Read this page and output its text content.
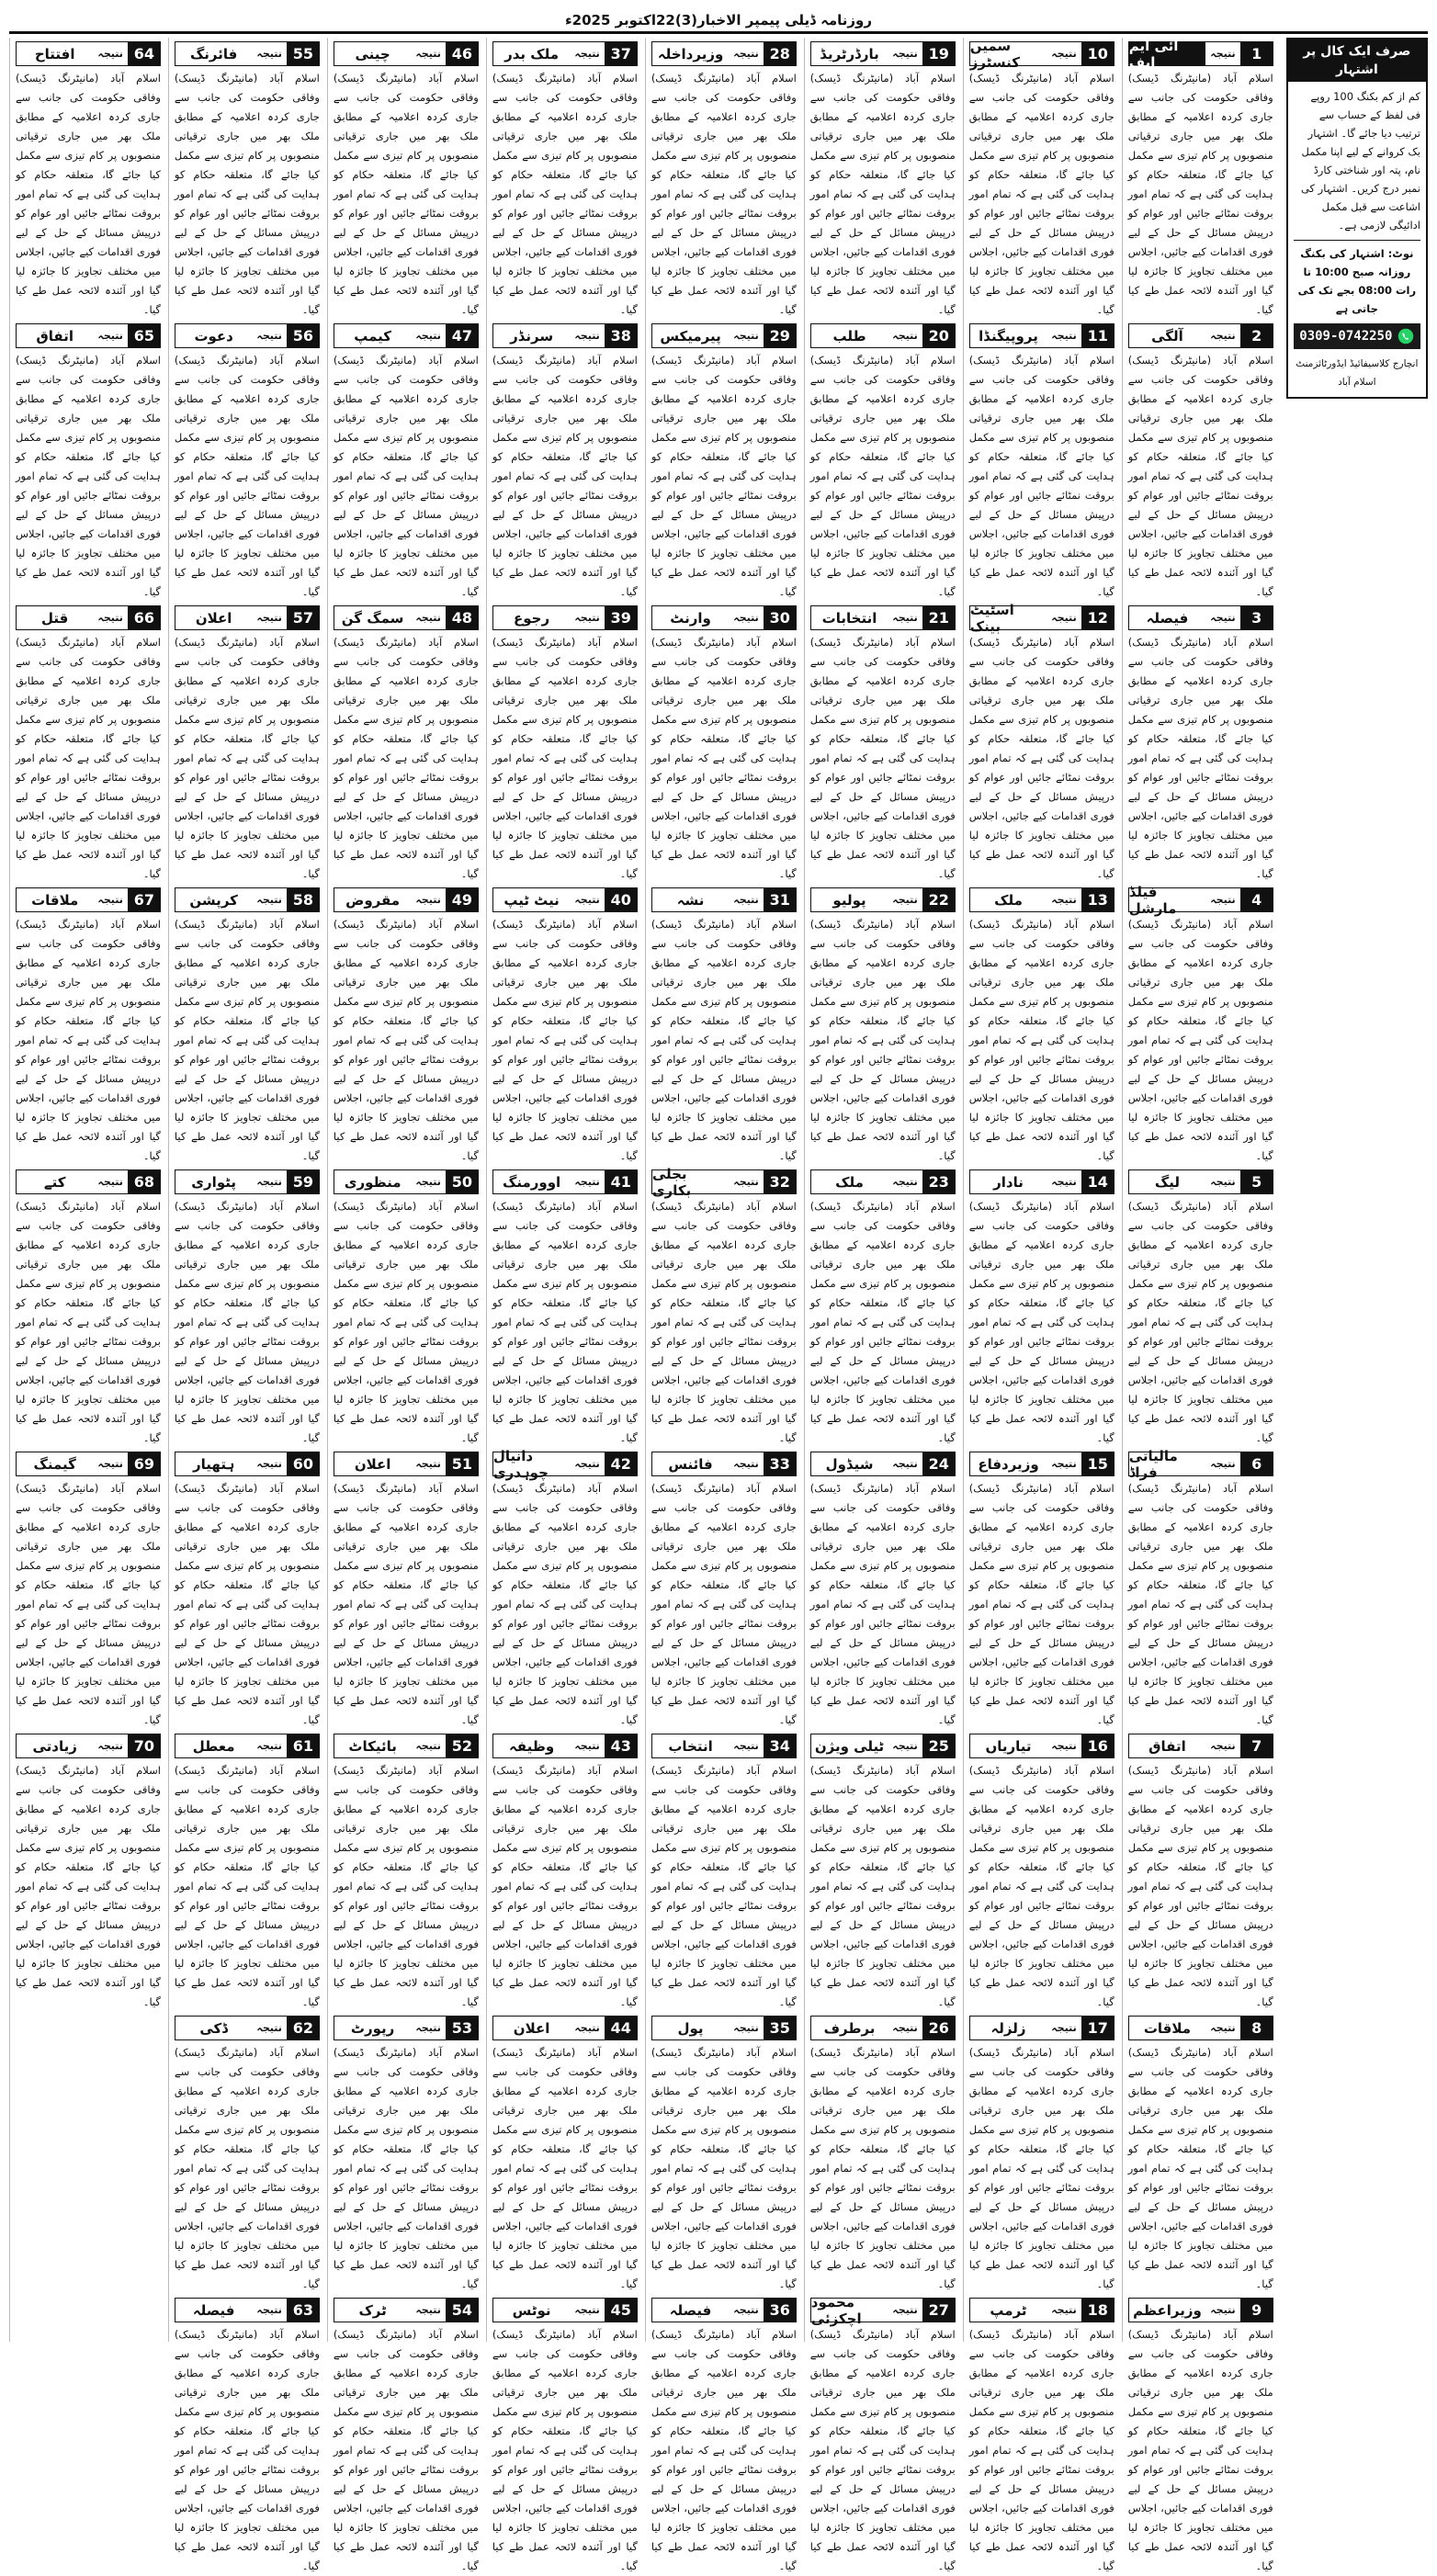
روزنامہ ڈیلی پیمپر الاخبار(3)22اکتوبر 2025ء
صرف ایک کال پر اشتہار
کم از کم بکنگ 100 روپے فی لفظ کے حساب سے ترتیب دیا جائے گا۔ اشتہار بک کروانے کے لیے اپنا مکمل نام، پتہ اور شناختی کارڈ نمبر درج کریں۔ اشتہار کی اشاعت سے قبل مکمل ادائیگی لازمی ہے۔
نوٹ: اشتہار کی بکنگ روزانہ صبح 10:00 تا رات 08:00 بجے تک کی جاتی ہے
0309-0742250
انچارج کلاسیفائیڈ ایڈورٹائزمنٹ اسلام آباد
آئی ایم ایف	نتیجہ	1

اسلام آباد (مانیٹرنگ ڈیسک) وفاقی حکومت کی جانب سے جاری کردہ اعلامیہ کے مطابق ملک بھر میں جاری ترقیاتی منصوبوں پر کام تیزی سے مکمل کیا جائے گا، متعلقہ حکام کو ہدایت کی گئی ہے کہ تمام امور بروقت نمٹائے جائیں اور عوام کو درپیش مسائل کے حل کے لیے فوری اقدامات کیے جائیں، اجلاس میں مختلف تجاویز کا جائزہ لیا گیا اور آئندہ لائحہ عمل طے کیا گیا۔

آلگی	نتیجہ	2

اسلام آباد (مانیٹرنگ ڈیسک) وفاقی حکومت کی جانب سے جاری کردہ اعلامیہ کے مطابق ملک بھر میں جاری ترقیاتی منصوبوں پر کام تیزی سے مکمل کیا جائے گا، متعلقہ حکام کو ہدایت کی گئی ہے کہ تمام امور بروقت نمٹائے جائیں اور عوام کو درپیش مسائل کے حل کے لیے فوری اقدامات کیے جائیں، اجلاس میں مختلف تجاویز کا جائزہ لیا گیا اور آئندہ لائحہ عمل طے کیا گیا۔

فیصلہ	نتیجہ	3

اسلام آباد (مانیٹرنگ ڈیسک) وفاقی حکومت کی جانب سے جاری کردہ اعلامیہ کے مطابق ملک بھر میں جاری ترقیاتی منصوبوں پر کام تیزی سے مکمل کیا جائے گا، متعلقہ حکام کو ہدایت کی گئی ہے کہ تمام امور بروقت نمٹائے جائیں اور عوام کو درپیش مسائل کے حل کے لیے فوری اقدامات کیے جائیں، اجلاس میں مختلف تجاویز کا جائزہ لیا گیا اور آئندہ لائحہ عمل طے کیا گیا۔

فیلڈ مارشل	نتیجہ	4

اسلام آباد (مانیٹرنگ ڈیسک) وفاقی حکومت کی جانب سے جاری کردہ اعلامیہ کے مطابق ملک بھر میں جاری ترقیاتی منصوبوں پر کام تیزی سے مکمل کیا جائے گا، متعلقہ حکام کو ہدایت کی گئی ہے کہ تمام امور بروقت نمٹائے جائیں اور عوام کو درپیش مسائل کے حل کے لیے فوری اقدامات کیے جائیں، اجلاس میں مختلف تجاویز کا جائزہ لیا گیا اور آئندہ لائحہ عمل طے کیا گیا۔

لیگ	نتیجہ	5

اسلام آباد (مانیٹرنگ ڈیسک) وفاقی حکومت کی جانب سے جاری کردہ اعلامیہ کے مطابق ملک بھر میں جاری ترقیاتی منصوبوں پر کام تیزی سے مکمل کیا جائے گا، متعلقہ حکام کو ہدایت کی گئی ہے کہ تمام امور بروقت نمٹائے جائیں اور عوام کو درپیش مسائل کے حل کے لیے فوری اقدامات کیے جائیں، اجلاس میں مختلف تجاویز کا جائزہ لیا گیا اور آئندہ لائحہ عمل طے کیا گیا۔

مالیاتی فراڈ	نتیجہ	6

اسلام آباد (مانیٹرنگ ڈیسک) وفاقی حکومت کی جانب سے جاری کردہ اعلامیہ کے مطابق ملک بھر میں جاری ترقیاتی منصوبوں پر کام تیزی سے مکمل کیا جائے گا، متعلقہ حکام کو ہدایت کی گئی ہے کہ تمام امور بروقت نمٹائے جائیں اور عوام کو درپیش مسائل کے حل کے لیے فوری اقدامات کیے جائیں، اجلاس میں مختلف تجاویز کا جائزہ لیا گیا اور آئندہ لائحہ عمل طے کیا گیا۔

اتفاق	نتیجہ	7

اسلام آباد (مانیٹرنگ ڈیسک) وفاقی حکومت کی جانب سے جاری کردہ اعلامیہ کے مطابق ملک بھر میں جاری ترقیاتی منصوبوں پر کام تیزی سے مکمل کیا جائے گا، متعلقہ حکام کو ہدایت کی گئی ہے کہ تمام امور بروقت نمٹائے جائیں اور عوام کو درپیش مسائل کے حل کے لیے فوری اقدامات کیے جائیں، اجلاس میں مختلف تجاویز کا جائزہ لیا گیا اور آئندہ لائحہ عمل طے کیا گیا۔

ملاقات	نتیجہ	8

اسلام آباد (مانیٹرنگ ڈیسک) وفاقی حکومت کی جانب سے جاری کردہ اعلامیہ کے مطابق ملک بھر میں جاری ترقیاتی منصوبوں پر کام تیزی سے مکمل کیا جائے گا، متعلقہ حکام کو ہدایت کی گئی ہے کہ تمام امور بروقت نمٹائے جائیں اور عوام کو درپیش مسائل کے حل کے لیے فوری اقدامات کیے جائیں، اجلاس میں مختلف تجاویز کا جائزہ لیا گیا اور آئندہ لائحہ عمل طے کیا گیا۔

وزیراعظم نتیجہ	9

اسلام آباد (مانیٹرنگ ڈیسک) وفاقی حکومت کی جانب سے جاری کردہ اعلامیہ کے مطابق ملک بھر میں جاری ترقیاتی منصوبوں پر کام تیزی سے مکمل کیا جائے گا، متعلقہ حکام کو ہدایت کی گئی ہے کہ تمام امور بروقت نمٹائے جائیں اور عوام کو درپیش مسائل کے حل کے لیے فوری اقدامات کیے جائیں، اجلاس میں مختلف تجاویز کا جائزہ لیا گیا اور آئندہ لائحہ عمل طے کیا گیا۔

سمیں کنسٹرز	نتیجہ 10

اسلام آباد (مانیٹرنگ ڈیسک) وفاقی حکومت کی جانب سے جاری کردہ اعلامیہ کے مطابق ملک بھر میں جاری ترقیاتی منصوبوں پر کام تیزی سے مکمل کیا جائے گا، متعلقہ حکام کو ہدایت کی گئی ہے کہ تمام امور بروقت نمٹائے جائیں اور عوام کو درپیش مسائل کے حل کے لیے فوری اقدامات کیے جائیں، اجلاس میں مختلف تجاویز کا جائزہ لیا گیا اور آئندہ لائحہ عمل طے کیا گیا۔

پروپیگنڈا	نتیجہ 11

اسلام آباد (مانیٹرنگ ڈیسک) وفاقی حکومت کی جانب سے جاری کردہ اعلامیہ کے مطابق ملک بھر میں جاری ترقیاتی منصوبوں پر کام تیزی سے مکمل کیا جائے گا، متعلقہ حکام کو ہدایت کی گئی ہے کہ تمام امور بروقت نمٹائے جائیں اور عوام کو درپیش مسائل کے حل کے لیے فوری اقدامات کیے جائیں، اجلاس میں مختلف تجاویز کا جائزہ لیا گیا اور آئندہ لائحہ عمل طے کیا گیا۔

اسٹیٹ بینک	نتیجہ 12

اسلام آباد (مانیٹرنگ ڈیسک) وفاقی حکومت کی جانب سے جاری کردہ اعلامیہ کے مطابق ملک بھر میں جاری ترقیاتی منصوبوں پر کام تیزی سے مکمل کیا جائے گا، متعلقہ حکام کو ہدایت کی گئی ہے کہ تمام امور بروقت نمٹائے جائیں اور عوام کو درپیش مسائل کے حل کے لیے فوری اقدامات کیے جائیں، اجلاس میں مختلف تجاویز کا جائزہ لیا گیا اور آئندہ لائحہ عمل طے کیا گیا۔

ملک	نتیجہ 13

اسلام آباد (مانیٹرنگ ڈیسک) وفاقی حکومت کی جانب سے جاری کردہ اعلامیہ کے مطابق ملک بھر میں جاری ترقیاتی منصوبوں پر کام تیزی سے مکمل کیا جائے گا، متعلقہ حکام کو ہدایت کی گئی ہے کہ تمام امور بروقت نمٹائے جائیں اور عوام کو درپیش مسائل کے حل کے لیے فوری اقدامات کیے جائیں، اجلاس میں مختلف تجاویز کا جائزہ لیا گیا اور آئندہ لائحہ عمل طے کیا گیا۔

نادار	نتیجہ 14

اسلام آباد (مانیٹرنگ ڈیسک) وفاقی حکومت کی جانب سے جاری کردہ اعلامیہ کے مطابق ملک بھر میں جاری ترقیاتی منصوبوں پر کام تیزی سے مکمل کیا جائے گا، متعلقہ حکام کو ہدایت کی گئی ہے کہ تمام امور بروقت نمٹائے جائیں اور عوام کو درپیش مسائل کے حل کے لیے فوری اقدامات کیے جائیں، اجلاس میں مختلف تجاویز کا جائزہ لیا گیا اور آئندہ لائحہ عمل طے کیا گیا۔

وزیردفاع	نتیجہ 15

اسلام آباد (مانیٹرنگ ڈیسک) وفاقی حکومت کی جانب سے جاری کردہ اعلامیہ کے مطابق ملک بھر میں جاری ترقیاتی منصوبوں پر کام تیزی سے مکمل کیا جائے گا، متعلقہ حکام کو ہدایت کی گئی ہے کہ تمام امور بروقت نمٹائے جائیں اور عوام کو درپیش مسائل کے حل کے لیے فوری اقدامات کیے جائیں، اجلاس میں مختلف تجاویز کا جائزہ لیا گیا اور آئندہ لائحہ عمل طے کیا گیا۔

تیاریاں	نتیجہ 16

اسلام آباد (مانیٹرنگ ڈیسک) وفاقی حکومت کی جانب سے جاری کردہ اعلامیہ کے مطابق ملک بھر میں جاری ترقیاتی منصوبوں پر کام تیزی سے مکمل کیا جائے گا، متعلقہ حکام کو ہدایت کی گئی ہے کہ تمام امور بروقت نمٹائے جائیں اور عوام کو درپیش مسائل کے حل کے لیے فوری اقدامات کیے جائیں، اجلاس میں مختلف تجاویز کا جائزہ لیا گیا اور آئندہ لائحہ عمل طے کیا گیا۔

زلزلہ	نتیجہ 17

اسلام آباد (مانیٹرنگ ڈیسک) وفاقی حکومت کی جانب سے جاری کردہ اعلامیہ کے مطابق ملک بھر میں جاری ترقیاتی منصوبوں پر کام تیزی سے مکمل کیا جائے گا، متعلقہ حکام کو ہدایت کی گئی ہے کہ تمام امور بروقت نمٹائے جائیں اور عوام کو درپیش مسائل کے حل کے لیے فوری اقدامات کیے جائیں، اجلاس میں مختلف تجاویز کا جائزہ لیا گیا اور آئندہ لائحہ عمل طے کیا گیا۔

ٹرمپ	نتیجہ 18

اسلام آباد (مانیٹرنگ ڈیسک) وفاقی حکومت کی جانب سے جاری کردہ اعلامیہ کے مطابق ملک بھر میں جاری ترقیاتی منصوبوں پر کام تیزی سے مکمل کیا جائے گا، متعلقہ حکام کو ہدایت کی گئی ہے کہ تمام امور بروقت نمٹائے جائیں اور عوام کو درپیش مسائل کے حل کے لیے فوری اقدامات کیے جائیں، اجلاس میں مختلف تجاویز کا جائزہ لیا گیا اور آئندہ لائحہ عمل طے کیا گیا۔

بارڈرٹریڈ	نتیجہ 19

اسلام آباد (مانیٹرنگ ڈیسک) وفاقی حکومت کی جانب سے جاری کردہ اعلامیہ کے مطابق ملک بھر میں جاری ترقیاتی منصوبوں پر کام تیزی سے مکمل کیا جائے گا، متعلقہ حکام کو ہدایت کی گئی ہے کہ تمام امور بروقت نمٹائے جائیں اور عوام کو درپیش مسائل کے حل کے لیے فوری اقدامات کیے جائیں، اجلاس میں مختلف تجاویز کا جائزہ لیا گیا اور آئندہ لائحہ عمل طے کیا گیا۔

طلب	نتیجہ 20

اسلام آباد (مانیٹرنگ ڈیسک) وفاقی حکومت کی جانب سے جاری کردہ اعلامیہ کے مطابق ملک بھر میں جاری ترقیاتی منصوبوں پر کام تیزی سے مکمل کیا جائے گا، متعلقہ حکام کو ہدایت کی گئی ہے کہ تمام امور بروقت نمٹائے جائیں اور عوام کو درپیش مسائل کے حل کے لیے فوری اقدامات کیے جائیں، اجلاس میں مختلف تجاویز کا جائزہ لیا گیا اور آئندہ لائحہ عمل طے کیا گیا۔

انتخابات	نتیجہ 21

اسلام آباد (مانیٹرنگ ڈیسک) وفاقی حکومت کی جانب سے جاری کردہ اعلامیہ کے مطابق ملک بھر میں جاری ترقیاتی منصوبوں پر کام تیزی سے مکمل کیا جائے گا، متعلقہ حکام کو ہدایت کی گئی ہے کہ تمام امور بروقت نمٹائے جائیں اور عوام کو درپیش مسائل کے حل کے لیے فوری اقدامات کیے جائیں، اجلاس میں مختلف تجاویز کا جائزہ لیا گیا اور آئندہ لائحہ عمل طے کیا گیا۔

پولیو	نتیجہ 22

اسلام آباد (مانیٹرنگ ڈیسک) وفاقی حکومت کی جانب سے جاری کردہ اعلامیہ کے مطابق ملک بھر میں جاری ترقیاتی منصوبوں پر کام تیزی سے مکمل کیا جائے گا، متعلقہ حکام کو ہدایت کی گئی ہے کہ تمام امور بروقت نمٹائے جائیں اور عوام کو درپیش مسائل کے حل کے لیے فوری اقدامات کیے جائیں، اجلاس میں مختلف تجاویز کا جائزہ لیا گیا اور آئندہ لائحہ عمل طے کیا گیا۔

ملک	نتیجہ 23

اسلام آباد (مانیٹرنگ ڈیسک) وفاقی حکومت کی جانب سے جاری کردہ اعلامیہ کے مطابق ملک بھر میں جاری ترقیاتی منصوبوں پر کام تیزی سے مکمل کیا جائے گا، متعلقہ حکام کو ہدایت کی گئی ہے کہ تمام امور بروقت نمٹائے جائیں اور عوام کو درپیش مسائل کے حل کے لیے فوری اقدامات کیے جائیں، اجلاس میں مختلف تجاویز کا جائزہ لیا گیا اور آئندہ لائحہ عمل طے کیا گیا۔

شیڈول	نتیجہ 24

اسلام آباد (مانیٹرنگ ڈیسک) وفاقی حکومت کی جانب سے جاری کردہ اعلامیہ کے مطابق ملک بھر میں جاری ترقیاتی منصوبوں پر کام تیزی سے مکمل کیا جائے گا، متعلقہ حکام کو ہدایت کی گئی ہے کہ تمام امور بروقت نمٹائے جائیں اور عوام کو درپیش مسائل کے حل کے لیے فوری اقدامات کیے جائیں، اجلاس میں مختلف تجاویز کا جائزہ لیا گیا اور آئندہ لائحہ عمل طے کیا گیا۔

ٹیلی ویژن نتیجہ 25

اسلام آباد (مانیٹرنگ ڈیسک) وفاقی حکومت کی جانب سے جاری کردہ اعلامیہ کے مطابق ملک بھر میں جاری ترقیاتی منصوبوں پر کام تیزی سے مکمل کیا جائے گا، متعلقہ حکام کو ہدایت کی گئی ہے کہ تمام امور بروقت نمٹائے جائیں اور عوام کو درپیش مسائل کے حل کے لیے فوری اقدامات کیے جائیں، اجلاس میں مختلف تجاویز کا جائزہ لیا گیا اور آئندہ لائحہ عمل طے کیا گیا۔

برطرف	نتیجہ 26

اسلام آباد (مانیٹرنگ ڈیسک) وفاقی حکومت کی جانب سے جاری کردہ اعلامیہ کے مطابق ملک بھر میں جاری ترقیاتی منصوبوں پر کام تیزی سے مکمل کیا جائے گا، متعلقہ حکام کو ہدایت کی گئی ہے کہ تمام امور بروقت نمٹائے جائیں اور عوام کو درپیش مسائل کے حل کے لیے فوری اقدامات کیے جائیں، اجلاس میں مختلف تجاویز کا جائزہ لیا گیا اور آئندہ لائحہ عمل طے کیا گیا۔

محمود اچکزئی	نتیجہ 27

اسلام آباد (مانیٹرنگ ڈیسک) وفاقی حکومت کی جانب سے جاری کردہ اعلامیہ کے مطابق ملک بھر میں جاری ترقیاتی منصوبوں پر کام تیزی سے مکمل کیا جائے گا، متعلقہ حکام کو ہدایت کی گئی ہے کہ تمام امور بروقت نمٹائے جائیں اور عوام کو درپیش مسائل کے حل کے لیے فوری اقدامات کیے جائیں، اجلاس میں مختلف تجاویز کا جائزہ لیا گیا اور آئندہ لائحہ عمل طے کیا گیا۔

وزیرداخلہ	نتیجہ 28

اسلام آباد (مانیٹرنگ ڈیسک) وفاقی حکومت کی جانب سے جاری کردہ اعلامیہ کے مطابق ملک بھر میں جاری ترقیاتی منصوبوں پر کام تیزی سے مکمل کیا جائے گا، متعلقہ حکام کو ہدایت کی گئی ہے کہ تمام امور بروقت نمٹائے جائیں اور عوام کو درپیش مسائل کے حل کے لیے فوری اقدامات کیے جائیں، اجلاس میں مختلف تجاویز کا جائزہ لیا گیا اور آئندہ لائحہ عمل طے کیا گیا۔

پیرمیکس	نتیجہ 29

اسلام آباد (مانیٹرنگ ڈیسک) وفاقی حکومت کی جانب سے جاری کردہ اعلامیہ کے مطابق ملک بھر میں جاری ترقیاتی منصوبوں پر کام تیزی سے مکمل کیا جائے گا، متعلقہ حکام کو ہدایت کی گئی ہے کہ تمام امور بروقت نمٹائے جائیں اور عوام کو درپیش مسائل کے حل کے لیے فوری اقدامات کیے جائیں، اجلاس میں مختلف تجاویز کا جائزہ لیا گیا اور آئندہ لائحہ عمل طے کیا گیا۔

وارنٹ	نتیجہ 30

اسلام آباد (مانیٹرنگ ڈیسک) وفاقی حکومت کی جانب سے جاری کردہ اعلامیہ کے مطابق ملک بھر میں جاری ترقیاتی منصوبوں پر کام تیزی سے مکمل کیا جائے گا، متعلقہ حکام کو ہدایت کی گئی ہے کہ تمام امور بروقت نمٹائے جائیں اور عوام کو درپیش مسائل کے حل کے لیے فوری اقدامات کیے جائیں، اجلاس میں مختلف تجاویز کا جائزہ لیا گیا اور آئندہ لائحہ عمل طے کیا گیا۔

نشہ	نتیجہ 31

اسلام آباد (مانیٹرنگ ڈیسک) وفاقی حکومت کی جانب سے جاری کردہ اعلامیہ کے مطابق ملک بھر میں جاری ترقیاتی منصوبوں پر کام تیزی سے مکمل کیا جائے گا، متعلقہ حکام کو ہدایت کی گئی ہے کہ تمام امور بروقت نمٹائے جائیں اور عوام کو درپیش مسائل کے حل کے لیے فوری اقدامات کیے جائیں، اجلاس میں مختلف تجاویز کا جائزہ لیا گیا اور آئندہ لائحہ عمل طے کیا گیا۔

بجلی بکاری	نتیجہ 32

اسلام آباد (مانیٹرنگ ڈیسک) وفاقی حکومت کی جانب سے جاری کردہ اعلامیہ کے مطابق ملک بھر میں جاری ترقیاتی منصوبوں پر کام تیزی سے مکمل کیا جائے گا، متعلقہ حکام کو ہدایت کی گئی ہے کہ تمام امور بروقت نمٹائے جائیں اور عوام کو درپیش مسائل کے حل کے لیے فوری اقدامات کیے جائیں، اجلاس میں مختلف تجاویز کا جائزہ لیا گیا اور آئندہ لائحہ عمل طے کیا گیا۔

فائنس	نتیجہ 33

اسلام آباد (مانیٹرنگ ڈیسک) وفاقی حکومت کی جانب سے جاری کردہ اعلامیہ کے مطابق ملک بھر میں جاری ترقیاتی منصوبوں پر کام تیزی سے مکمل کیا جائے گا، متعلقہ حکام کو ہدایت کی گئی ہے کہ تمام امور بروقت نمٹائے جائیں اور عوام کو درپیش مسائل کے حل کے لیے فوری اقدامات کیے جائیں، اجلاس میں مختلف تجاویز کا جائزہ لیا گیا اور آئندہ لائحہ عمل طے کیا گیا۔

انتخاب	نتیجہ 34

اسلام آباد (مانیٹرنگ ڈیسک) وفاقی حکومت کی جانب سے جاری کردہ اعلامیہ کے مطابق ملک بھر میں جاری ترقیاتی منصوبوں پر کام تیزی سے مکمل کیا جائے گا، متعلقہ حکام کو ہدایت کی گئی ہے کہ تمام امور بروقت نمٹائے جائیں اور عوام کو درپیش مسائل کے حل کے لیے فوری اقدامات کیے جائیں، اجلاس میں مختلف تجاویز کا جائزہ لیا گیا اور آئندہ لائحہ عمل طے کیا گیا۔

پول	نتیجہ 35

اسلام آباد (مانیٹرنگ ڈیسک) وفاقی حکومت کی جانب سے جاری کردہ اعلامیہ کے مطابق ملک بھر میں جاری ترقیاتی منصوبوں پر کام تیزی سے مکمل کیا جائے گا، متعلقہ حکام کو ہدایت کی گئی ہے کہ تمام امور بروقت نمٹائے جائیں اور عوام کو درپیش مسائل کے حل کے لیے فوری اقدامات کیے جائیں، اجلاس میں مختلف تجاویز کا جائزہ لیا گیا اور آئندہ لائحہ عمل طے کیا گیا۔

فیصلہ	نتیجہ 36

اسلام آباد (مانیٹرنگ ڈیسک) وفاقی حکومت کی جانب سے جاری کردہ اعلامیہ کے مطابق ملک بھر میں جاری ترقیاتی منصوبوں پر کام تیزی سے مکمل کیا جائے گا، متعلقہ حکام کو ہدایت کی گئی ہے کہ تمام امور بروقت نمٹائے جائیں اور عوام کو درپیش مسائل کے حل کے لیے فوری اقدامات کیے جائیں، اجلاس میں مختلف تجاویز کا جائزہ لیا گیا اور آئندہ لائحہ عمل طے کیا گیا۔

ملک بدر	نتیجہ 37

اسلام آباد (مانیٹرنگ ڈیسک) وفاقی حکومت کی جانب سے جاری کردہ اعلامیہ کے مطابق ملک بھر میں جاری ترقیاتی منصوبوں پر کام تیزی سے مکمل کیا جائے گا، متعلقہ حکام کو ہدایت کی گئی ہے کہ تمام امور بروقت نمٹائے جائیں اور عوام کو درپیش مسائل کے حل کے لیے فوری اقدامات کیے جائیں، اجلاس میں مختلف تجاویز کا جائزہ لیا گیا اور آئندہ لائحہ عمل طے کیا گیا۔

سرنڈر	نتیجہ 38

اسلام آباد (مانیٹرنگ ڈیسک) وفاقی حکومت کی جانب سے جاری کردہ اعلامیہ کے مطابق ملک بھر میں جاری ترقیاتی منصوبوں پر کام تیزی سے مکمل کیا جائے گا، متعلقہ حکام کو ہدایت کی گئی ہے کہ تمام امور بروقت نمٹائے جائیں اور عوام کو درپیش مسائل کے حل کے لیے فوری اقدامات کیے جائیں، اجلاس میں مختلف تجاویز کا جائزہ لیا گیا اور آئندہ لائحہ عمل طے کیا گیا۔

رجوع	نتیجہ 39

اسلام آباد (مانیٹرنگ ڈیسک) وفاقی حکومت کی جانب سے جاری کردہ اعلامیہ کے مطابق ملک بھر میں جاری ترقیاتی منصوبوں پر کام تیزی سے مکمل کیا جائے گا، متعلقہ حکام کو ہدایت کی گئی ہے کہ تمام امور بروقت نمٹائے جائیں اور عوام کو درپیش مسائل کے حل کے لیے فوری اقدامات کیے جائیں، اجلاس میں مختلف تجاویز کا جائزہ لیا گیا اور آئندہ لائحہ عمل طے کیا گیا۔

نیٹ ٹیپ	نتیجہ 40

اسلام آباد (مانیٹرنگ ڈیسک) وفاقی حکومت کی جانب سے جاری کردہ اعلامیہ کے مطابق ملک بھر میں جاری ترقیاتی منصوبوں پر کام تیزی سے مکمل کیا جائے گا، متعلقہ حکام کو ہدایت کی گئی ہے کہ تمام امور بروقت نمٹائے جائیں اور عوام کو درپیش مسائل کے حل کے لیے فوری اقدامات کیے جائیں، اجلاس میں مختلف تجاویز کا جائزہ لیا گیا اور آئندہ لائحہ عمل طے کیا گیا۔

اوورمنگ	نتیجہ 41

اسلام آباد (مانیٹرنگ ڈیسک) وفاقی حکومت کی جانب سے جاری کردہ اعلامیہ کے مطابق ملک بھر میں جاری ترقیاتی منصوبوں پر کام تیزی سے مکمل کیا جائے گا، متعلقہ حکام کو ہدایت کی گئی ہے کہ تمام امور بروقت نمٹائے جائیں اور عوام کو درپیش مسائل کے حل کے لیے فوری اقدامات کیے جائیں، اجلاس میں مختلف تجاویز کا جائزہ لیا گیا اور آئندہ لائحہ عمل طے کیا گیا۔

دانیال چوہدری	نتیجہ 42

اسلام آباد (مانیٹرنگ ڈیسک) وفاقی حکومت کی جانب سے جاری کردہ اعلامیہ کے مطابق ملک بھر میں جاری ترقیاتی منصوبوں پر کام تیزی سے مکمل کیا جائے گا، متعلقہ حکام کو ہدایت کی گئی ہے کہ تمام امور بروقت نمٹائے جائیں اور عوام کو درپیش مسائل کے حل کے لیے فوری اقدامات کیے جائیں، اجلاس میں مختلف تجاویز کا جائزہ لیا گیا اور آئندہ لائحہ عمل طے کیا گیا۔

وظیفہ	نتیجہ 43

اسلام آباد (مانیٹرنگ ڈیسک) وفاقی حکومت کی جانب سے جاری کردہ اعلامیہ کے مطابق ملک بھر میں جاری ترقیاتی منصوبوں پر کام تیزی سے مکمل کیا جائے گا، متعلقہ حکام کو ہدایت کی گئی ہے کہ تمام امور بروقت نمٹائے جائیں اور عوام کو درپیش مسائل کے حل کے لیے فوری اقدامات کیے جائیں، اجلاس میں مختلف تجاویز کا جائزہ لیا گیا اور آئندہ لائحہ عمل طے کیا گیا۔

اعلان	نتیجہ 44

اسلام آباد (مانیٹرنگ ڈیسک) وفاقی حکومت کی جانب سے جاری کردہ اعلامیہ کے مطابق ملک بھر میں جاری ترقیاتی منصوبوں پر کام تیزی سے مکمل کیا جائے گا، متعلقہ حکام کو ہدایت کی گئی ہے کہ تمام امور بروقت نمٹائے جائیں اور عوام کو درپیش مسائل کے حل کے لیے فوری اقدامات کیے جائیں، اجلاس میں مختلف تجاویز کا جائزہ لیا گیا اور آئندہ لائحہ عمل طے کیا گیا۔

نوٹس	نتیجہ 45

اسلام آباد (مانیٹرنگ ڈیسک) وفاقی حکومت کی جانب سے جاری کردہ اعلامیہ کے مطابق ملک بھر میں جاری ترقیاتی منصوبوں پر کام تیزی سے مکمل کیا جائے گا، متعلقہ حکام کو ہدایت کی گئی ہے کہ تمام امور بروقت نمٹائے جائیں اور عوام کو درپیش مسائل کے حل کے لیے فوری اقدامات کیے جائیں، اجلاس میں مختلف تجاویز کا جائزہ لیا گیا اور آئندہ لائحہ عمل طے کیا گیا۔

چینی	نتیجہ 46

اسلام آباد (مانیٹرنگ ڈیسک) وفاقی حکومت کی جانب سے جاری کردہ اعلامیہ کے مطابق ملک بھر میں جاری ترقیاتی منصوبوں پر کام تیزی سے مکمل کیا جائے گا، متعلقہ حکام کو ہدایت کی گئی ہے کہ تمام امور بروقت نمٹائے جائیں اور عوام کو درپیش مسائل کے حل کے لیے فوری اقدامات کیے جائیں، اجلاس میں مختلف تجاویز کا جائزہ لیا گیا اور آئندہ لائحہ عمل طے کیا گیا۔

کیمپ	نتیجہ 47

اسلام آباد (مانیٹرنگ ڈیسک) وفاقی حکومت کی جانب سے جاری کردہ اعلامیہ کے مطابق ملک بھر میں جاری ترقیاتی منصوبوں پر کام تیزی سے مکمل کیا جائے گا، متعلقہ حکام کو ہدایت کی گئی ہے کہ تمام امور بروقت نمٹائے جائیں اور عوام کو درپیش مسائل کے حل کے لیے فوری اقدامات کیے جائیں، اجلاس میں مختلف تجاویز کا جائزہ لیا گیا اور آئندہ لائحہ عمل طے کیا گیا۔

سمگ گن	نتیجہ 48

اسلام آباد (مانیٹرنگ ڈیسک) وفاقی حکومت کی جانب سے جاری کردہ اعلامیہ کے مطابق ملک بھر میں جاری ترقیاتی منصوبوں پر کام تیزی سے مکمل کیا جائے گا، متعلقہ حکام کو ہدایت کی گئی ہے کہ تمام امور بروقت نمٹائے جائیں اور عوام کو درپیش مسائل کے حل کے لیے فوری اقدامات کیے جائیں، اجلاس میں مختلف تجاویز کا جائزہ لیا گیا اور آئندہ لائحہ عمل طے کیا گیا۔

مقروض	نتیجہ 49

اسلام آباد (مانیٹرنگ ڈیسک) وفاقی حکومت کی جانب سے جاری کردہ اعلامیہ کے مطابق ملک بھر میں جاری ترقیاتی منصوبوں پر کام تیزی سے مکمل کیا جائے گا، متعلقہ حکام کو ہدایت کی گئی ہے کہ تمام امور بروقت نمٹائے جائیں اور عوام کو درپیش مسائل کے حل کے لیے فوری اقدامات کیے جائیں، اجلاس میں مختلف تجاویز کا جائزہ لیا گیا اور آئندہ لائحہ عمل طے کیا گیا۔

منظوری	نتیجہ 50

اسلام آباد (مانیٹرنگ ڈیسک) وفاقی حکومت کی جانب سے جاری کردہ اعلامیہ کے مطابق ملک بھر میں جاری ترقیاتی منصوبوں پر کام تیزی سے مکمل کیا جائے گا، متعلقہ حکام کو ہدایت کی گئی ہے کہ تمام امور بروقت نمٹائے جائیں اور عوام کو درپیش مسائل کے حل کے لیے فوری اقدامات کیے جائیں، اجلاس میں مختلف تجاویز کا جائزہ لیا گیا اور آئندہ لائحہ عمل طے کیا گیا۔

اعلان	نتیجہ 51

اسلام آباد (مانیٹرنگ ڈیسک) وفاقی حکومت کی جانب سے جاری کردہ اعلامیہ کے مطابق ملک بھر میں جاری ترقیاتی منصوبوں پر کام تیزی سے مکمل کیا جائے گا، متعلقہ حکام کو ہدایت کی گئی ہے کہ تمام امور بروقت نمٹائے جائیں اور عوام کو درپیش مسائل کے حل کے لیے فوری اقدامات کیے جائیں، اجلاس میں مختلف تجاویز کا جائزہ لیا گیا اور آئندہ لائحہ عمل طے کیا گیا۔

بائیکاٹ	نتیجہ 52

اسلام آباد (مانیٹرنگ ڈیسک) وفاقی حکومت کی جانب سے جاری کردہ اعلامیہ کے مطابق ملک بھر میں جاری ترقیاتی منصوبوں پر کام تیزی سے مکمل کیا جائے گا، متعلقہ حکام کو ہدایت کی گئی ہے کہ تمام امور بروقت نمٹائے جائیں اور عوام کو درپیش مسائل کے حل کے لیے فوری اقدامات کیے جائیں، اجلاس میں مختلف تجاویز کا جائزہ لیا گیا اور آئندہ لائحہ عمل طے کیا گیا۔

رپورٹ	نتیجہ 53

اسلام آباد (مانیٹرنگ ڈیسک) وفاقی حکومت کی جانب سے جاری کردہ اعلامیہ کے مطابق ملک بھر میں جاری ترقیاتی منصوبوں پر کام تیزی سے مکمل کیا جائے گا، متعلقہ حکام کو ہدایت کی گئی ہے کہ تمام امور بروقت نمٹائے جائیں اور عوام کو درپیش مسائل کے حل کے لیے فوری اقدامات کیے جائیں، اجلاس میں مختلف تجاویز کا جائزہ لیا گیا اور آئندہ لائحہ عمل طے کیا گیا۔

ٹرک	نتیجہ 54

اسلام آباد (مانیٹرنگ ڈیسک) وفاقی حکومت کی جانب سے جاری کردہ اعلامیہ کے مطابق ملک بھر میں جاری ترقیاتی منصوبوں پر کام تیزی سے مکمل کیا جائے گا، متعلقہ حکام کو ہدایت کی گئی ہے کہ تمام امور بروقت نمٹائے جائیں اور عوام کو درپیش مسائل کے حل کے لیے فوری اقدامات کیے جائیں، اجلاس میں مختلف تجاویز کا جائزہ لیا گیا اور آئندہ لائحہ عمل طے کیا گیا۔

فائرنگ	نتیجہ 55

اسلام آباد (مانیٹرنگ ڈیسک) وفاقی حکومت کی جانب سے جاری کردہ اعلامیہ کے مطابق ملک بھر میں جاری ترقیاتی منصوبوں پر کام تیزی سے مکمل کیا جائے گا، متعلقہ حکام کو ہدایت کی گئی ہے کہ تمام امور بروقت نمٹائے جائیں اور عوام کو درپیش مسائل کے حل کے لیے فوری اقدامات کیے جائیں، اجلاس میں مختلف تجاویز کا جائزہ لیا گیا اور آئندہ لائحہ عمل طے کیا گیا۔

دعوت	نتیجہ 56

اسلام آباد (مانیٹرنگ ڈیسک) وفاقی حکومت کی جانب سے جاری کردہ اعلامیہ کے مطابق ملک بھر میں جاری ترقیاتی منصوبوں پر کام تیزی سے مکمل کیا جائے گا، متعلقہ حکام کو ہدایت کی گئی ہے کہ تمام امور بروقت نمٹائے جائیں اور عوام کو درپیش مسائل کے حل کے لیے فوری اقدامات کیے جائیں، اجلاس میں مختلف تجاویز کا جائزہ لیا گیا اور آئندہ لائحہ عمل طے کیا گیا۔

اعلان	نتیجہ 57

اسلام آباد (مانیٹرنگ ڈیسک) وفاقی حکومت کی جانب سے جاری کردہ اعلامیہ کے مطابق ملک بھر میں جاری ترقیاتی منصوبوں پر کام تیزی سے مکمل کیا جائے گا، متعلقہ حکام کو ہدایت کی گئی ہے کہ تمام امور بروقت نمٹائے جائیں اور عوام کو درپیش مسائل کے حل کے لیے فوری اقدامات کیے جائیں، اجلاس میں مختلف تجاویز کا جائزہ لیا گیا اور آئندہ لائحہ عمل طے کیا گیا۔

کرپشن	نتیجہ 58

اسلام آباد (مانیٹرنگ ڈیسک) وفاقی حکومت کی جانب سے جاری کردہ اعلامیہ کے مطابق ملک بھر میں جاری ترقیاتی منصوبوں پر کام تیزی سے مکمل کیا جائے گا، متعلقہ حکام کو ہدایت کی گئی ہے کہ تمام امور بروقت نمٹائے جائیں اور عوام کو درپیش مسائل کے حل کے لیے فوری اقدامات کیے جائیں، اجلاس میں مختلف تجاویز کا جائزہ لیا گیا اور آئندہ لائحہ عمل طے کیا گیا۔

پٹواری	نتیجہ 59

اسلام آباد (مانیٹرنگ ڈیسک) وفاقی حکومت کی جانب سے جاری کردہ اعلامیہ کے مطابق ملک بھر میں جاری ترقیاتی منصوبوں پر کام تیزی سے مکمل کیا جائے گا، متعلقہ حکام کو ہدایت کی گئی ہے کہ تمام امور بروقت نمٹائے جائیں اور عوام کو درپیش مسائل کے حل کے لیے فوری اقدامات کیے جائیں، اجلاس میں مختلف تجاویز کا جائزہ لیا گیا اور آئندہ لائحہ عمل طے کیا گیا۔

ہتھیار	نتیجہ 60

اسلام آباد (مانیٹرنگ ڈیسک) وفاقی حکومت کی جانب سے جاری کردہ اعلامیہ کے مطابق ملک بھر میں جاری ترقیاتی منصوبوں پر کام تیزی سے مکمل کیا جائے گا، متعلقہ حکام کو ہدایت کی گئی ہے کہ تمام امور بروقت نمٹائے جائیں اور عوام کو درپیش مسائل کے حل کے لیے فوری اقدامات کیے جائیں، اجلاس میں مختلف تجاویز کا جائزہ لیا گیا اور آئندہ لائحہ عمل طے کیا گیا۔

معطل	نتیجہ 61

اسلام آباد (مانیٹرنگ ڈیسک) وفاقی حکومت کی جانب سے جاری کردہ اعلامیہ کے مطابق ملک بھر میں جاری ترقیاتی منصوبوں پر کام تیزی سے مکمل کیا جائے گا، متعلقہ حکام کو ہدایت کی گئی ہے کہ تمام امور بروقت نمٹائے جائیں اور عوام کو درپیش مسائل کے حل کے لیے فوری اقدامات کیے جائیں، اجلاس میں مختلف تجاویز کا جائزہ لیا گیا اور آئندہ لائحہ عمل طے کیا گیا۔

ڈکی	نتیجہ 62

اسلام آباد (مانیٹرنگ ڈیسک) وفاقی حکومت کی جانب سے جاری کردہ اعلامیہ کے مطابق ملک بھر میں جاری ترقیاتی منصوبوں پر کام تیزی سے مکمل کیا جائے گا، متعلقہ حکام کو ہدایت کی گئی ہے کہ تمام امور بروقت نمٹائے جائیں اور عوام کو درپیش مسائل کے حل کے لیے فوری اقدامات کیے جائیں، اجلاس میں مختلف تجاویز کا جائزہ لیا گیا اور آئندہ لائحہ عمل طے کیا گیا۔

فیصلہ	نتیجہ 63

اسلام آباد (مانیٹرنگ ڈیسک) وفاقی حکومت کی جانب سے جاری کردہ اعلامیہ کے مطابق ملک بھر میں جاری ترقیاتی منصوبوں پر کام تیزی سے مکمل کیا جائے گا، متعلقہ حکام کو ہدایت کی گئی ہے کہ تمام امور بروقت نمٹائے جائیں اور عوام کو درپیش مسائل کے حل کے لیے فوری اقدامات کیے جائیں، اجلاس میں مختلف تجاویز کا جائزہ لیا گیا اور آئندہ لائحہ عمل طے کیا گیا۔

افتتاح	نتیجہ 64

اسلام آباد (مانیٹرنگ ڈیسک) وفاقی حکومت کی جانب سے جاری کردہ اعلامیہ کے مطابق ملک بھر میں جاری ترقیاتی منصوبوں پر کام تیزی سے مکمل کیا جائے گا، متعلقہ حکام کو ہدایت کی گئی ہے کہ تمام امور بروقت نمٹائے جائیں اور عوام کو درپیش مسائل کے حل کے لیے فوری اقدامات کیے جائیں، اجلاس میں مختلف تجاویز کا جائزہ لیا گیا اور آئندہ لائحہ عمل طے کیا گیا۔

اتفاق	نتیجہ 65

اسلام آباد (مانیٹرنگ ڈیسک) وفاقی حکومت کی جانب سے جاری کردہ اعلامیہ کے مطابق ملک بھر میں جاری ترقیاتی منصوبوں پر کام تیزی سے مکمل کیا جائے گا، متعلقہ حکام کو ہدایت کی گئی ہے کہ تمام امور بروقت نمٹائے جائیں اور عوام کو درپیش مسائل کے حل کے لیے فوری اقدامات کیے جائیں، اجلاس میں مختلف تجاویز کا جائزہ لیا گیا اور آئندہ لائحہ عمل طے کیا گیا۔

قتل	نتیجہ 66

اسلام آباد (مانیٹرنگ ڈیسک) وفاقی حکومت کی جانب سے جاری کردہ اعلامیہ کے مطابق ملک بھر میں جاری ترقیاتی منصوبوں پر کام تیزی سے مکمل کیا جائے گا، متعلقہ حکام کو ہدایت کی گئی ہے کہ تمام امور بروقت نمٹائے جائیں اور عوام کو درپیش مسائل کے حل کے لیے فوری اقدامات کیے جائیں، اجلاس میں مختلف تجاویز کا جائزہ لیا گیا اور آئندہ لائحہ عمل طے کیا گیا۔

ملاقات	نتیجہ 67

اسلام آباد (مانیٹرنگ ڈیسک) وفاقی حکومت کی جانب سے جاری کردہ اعلامیہ کے مطابق ملک بھر میں جاری ترقیاتی منصوبوں پر کام تیزی سے مکمل کیا جائے گا، متعلقہ حکام کو ہدایت کی گئی ہے کہ تمام امور بروقت نمٹائے جائیں اور عوام کو درپیش مسائل کے حل کے لیے فوری اقدامات کیے جائیں، اجلاس میں مختلف تجاویز کا جائزہ لیا گیا اور آئندہ لائحہ عمل طے کیا گیا۔

کتے	نتیجہ 68

اسلام آباد (مانیٹرنگ ڈیسک) وفاقی حکومت کی جانب سے جاری کردہ اعلامیہ کے مطابق ملک بھر میں جاری ترقیاتی منصوبوں پر کام تیزی سے مکمل کیا جائے گا، متعلقہ حکام کو ہدایت کی گئی ہے کہ تمام امور بروقت نمٹائے جائیں اور عوام کو درپیش مسائل کے حل کے لیے فوری اقدامات کیے جائیں، اجلاس میں مختلف تجاویز کا جائزہ لیا گیا اور آئندہ لائحہ عمل طے کیا گیا۔

گیمنگ	نتیجہ 69

اسلام آباد (مانیٹرنگ ڈیسک) وفاقی حکومت کی جانب سے جاری کردہ اعلامیہ کے مطابق ملک بھر میں جاری ترقیاتی منصوبوں پر کام تیزی سے مکمل کیا جائے گا، متعلقہ حکام کو ہدایت کی گئی ہے کہ تمام امور بروقت نمٹائے جائیں اور عوام کو درپیش مسائل کے حل کے لیے فوری اقدامات کیے جائیں، اجلاس میں مختلف تجاویز کا جائزہ لیا گیا اور آئندہ لائحہ عمل طے کیا گیا۔

زیادتی	نتیجہ 70

اسلام آباد (مانیٹرنگ ڈیسک) وفاقی حکومت کی جانب سے جاری کردہ اعلامیہ کے مطابق ملک بھر میں جاری ترقیاتی منصوبوں پر کام تیزی سے مکمل کیا جائے گا، متعلقہ حکام کو ہدایت کی گئی ہے کہ تمام امور بروقت نمٹائے جائیں اور عوام کو درپیش مسائل کے حل کے لیے فوری اقدامات کیے جائیں، اجلاس میں مختلف تجاویز کا جائزہ لیا گیا اور آئندہ لائحہ عمل طے کیا گیا۔
